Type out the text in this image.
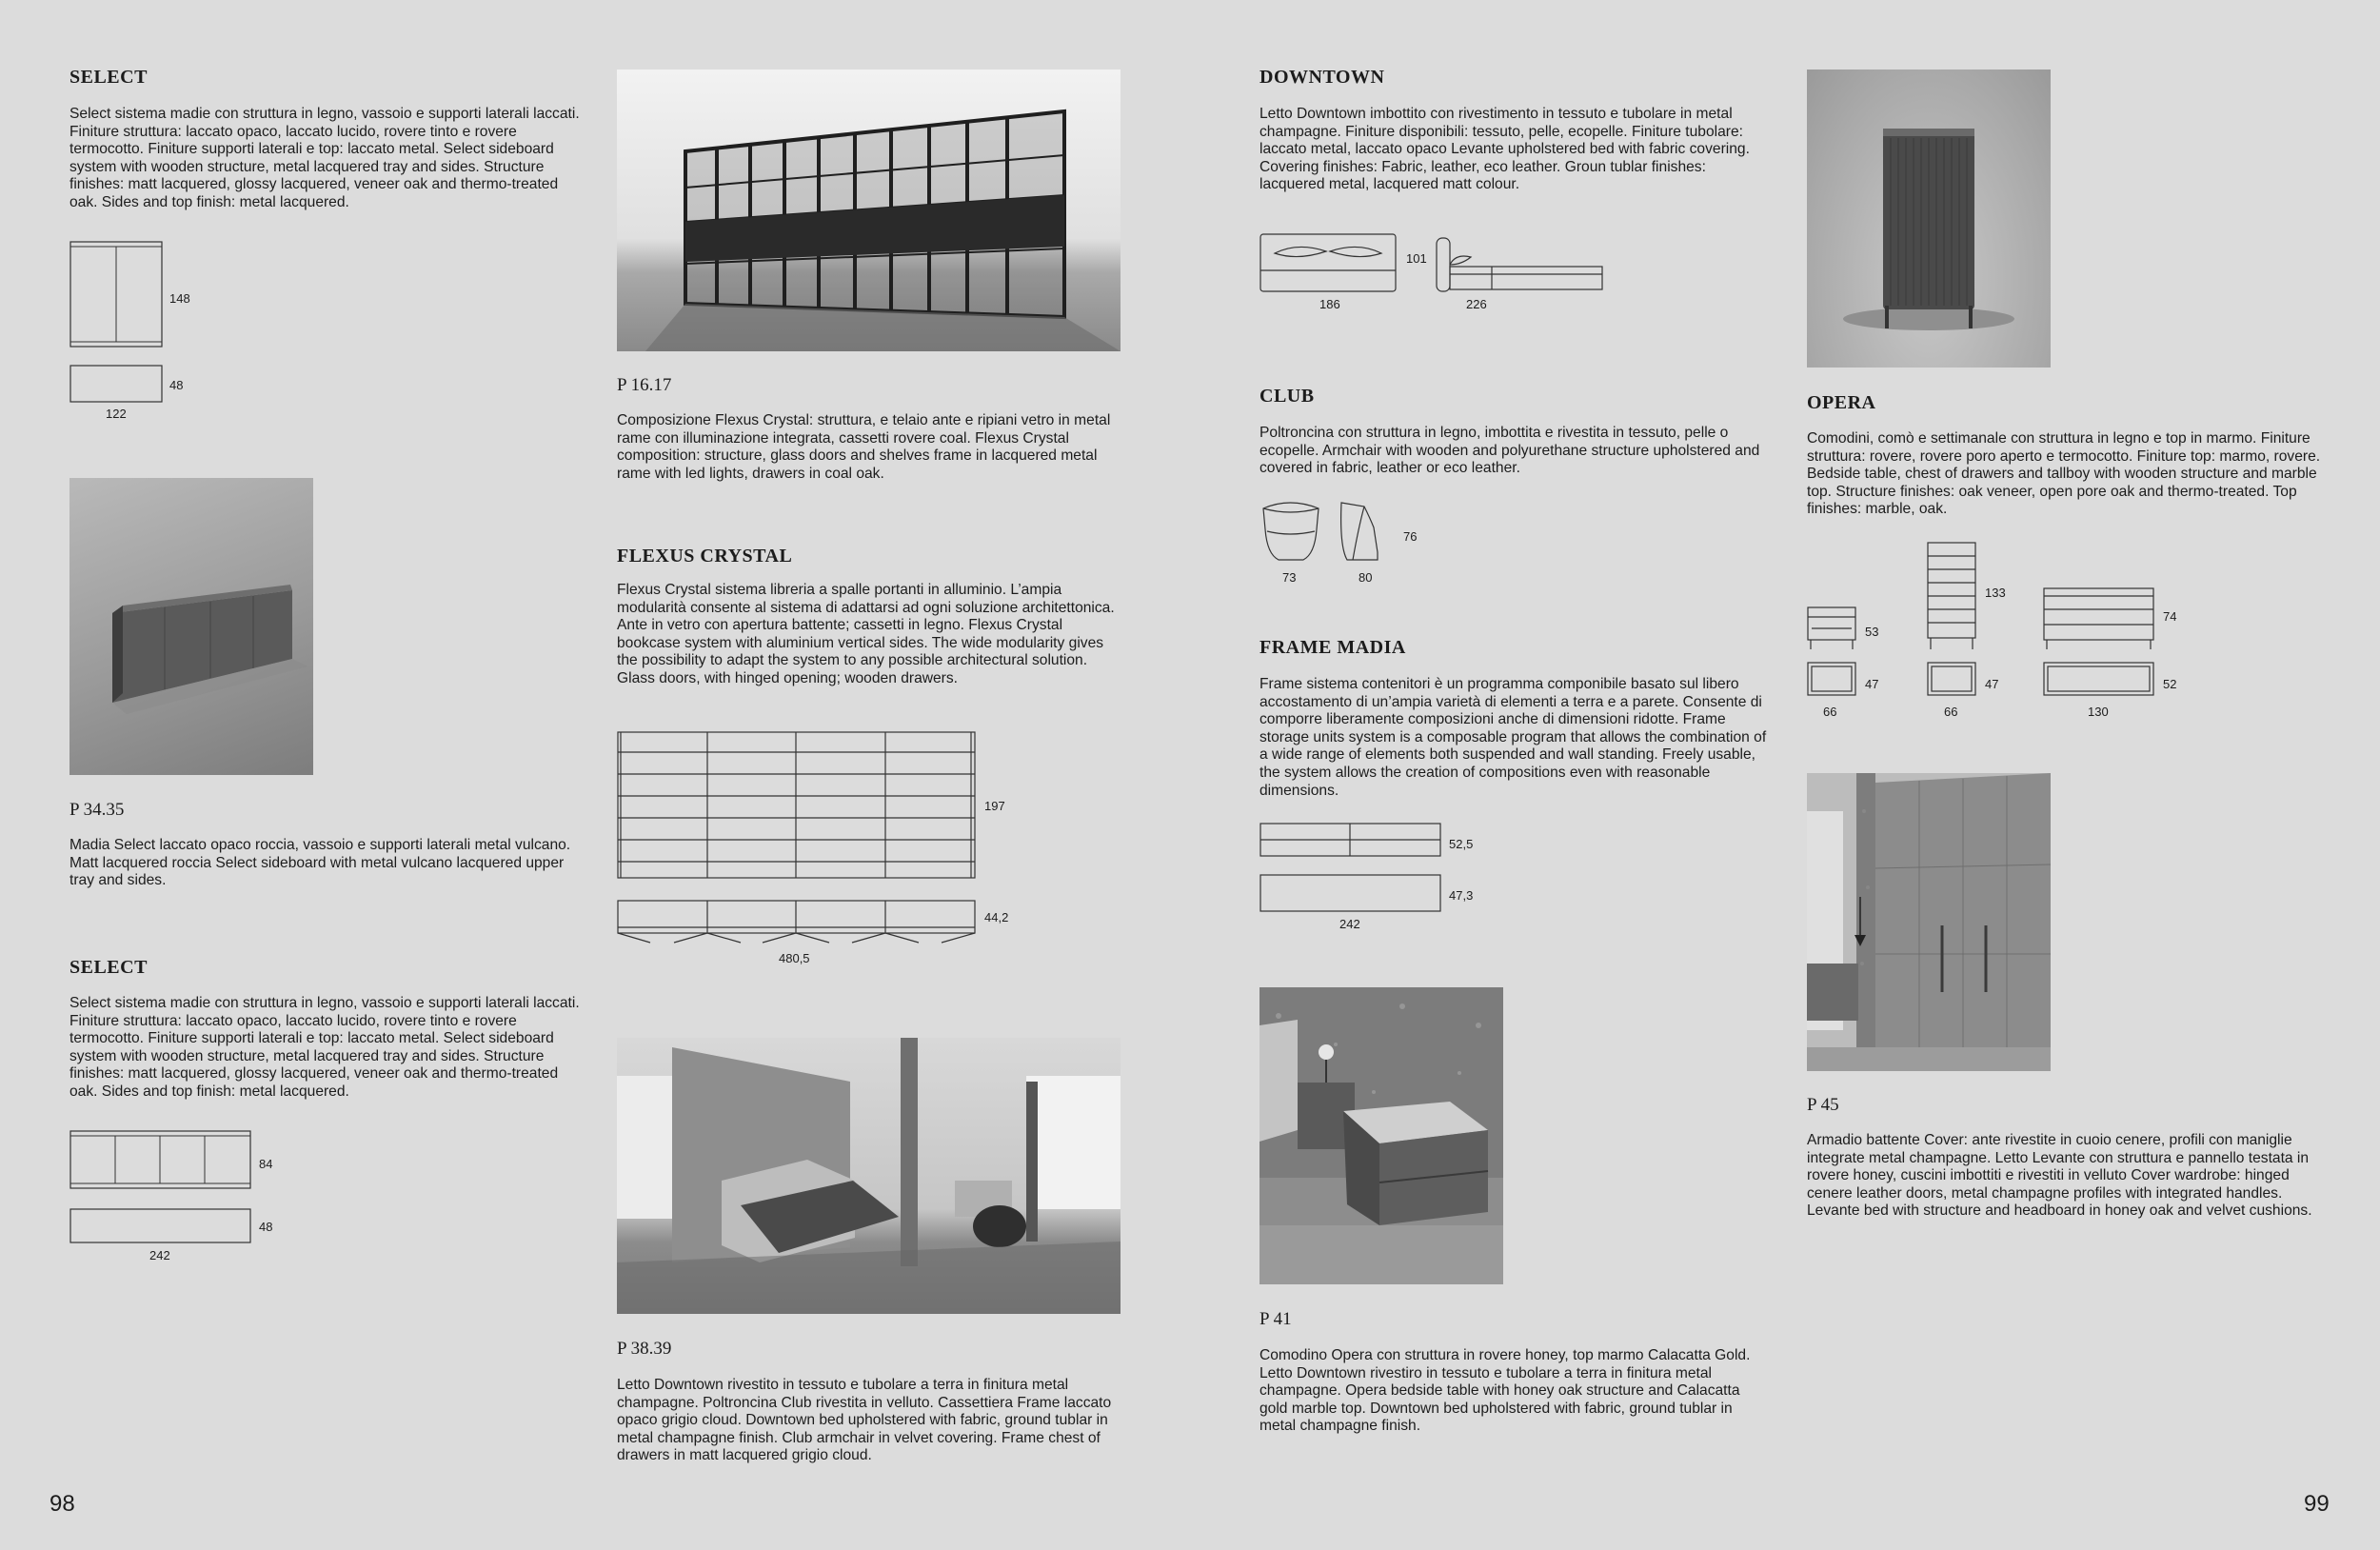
SELECT

Select sistema madie con struttura in legno, vassoio e supporti laterali laccati. Finiture struttura: laccato opaco, laccato lucido, rovere tinto e rovere termocotto. Finiture supporti laterali e top: laccato metal. Select sideboard system with wooden structure, metal lacquered tray and sides. Structure finishes: matt lacquered, glossy lacquered, veneer oak and thermo-treated oak. Sides and top finish: metal lacquered.

148
48
122

P 34.35

Madia Select laccato opaco roccia, vassoio e supporti laterali metal vulcano. Matt lacquered roccia Select sideboard with metal vulcano lacquered upper tray and sides.

SELECT

Select sistema madie con struttura in legno, vassoio e supporti laterali laccati. Finiture struttura: laccato opaco, laccato lucido, rovere tinto e rovere termocotto. Finiture supporti laterali e top: laccato metal. Select sideboard system with wooden structure, metal lacquered tray and sides. Structure finishes: matt lacquered, glossy lacquered, veneer oak and thermo-treated oak. Sides and top finish: metal lacquered.

84
48
242
98

P 16.17

Composizione Flexus Crystal: struttura, e telaio ante e ripiani vetro in metal rame con illuminazione integrata, cassetti rovere coal. Flexus Crystal composition: structure, glass doors and shelves frame in lacquered metal rame with led lights, drawers in coal oak.

FLEXUS CRYSTAL

Flexus Crystal sistema libreria a spalle portanti in alluminio. L’ampia modularità consente al sistema di adattarsi ad ogni soluzione architettonica. Ante in vetro con apertura battente; cassetti in legno. Flexus Crystal bookcase system with aluminium vertical sides. The wide modularity gives the possibility to adapt the system to any possible architectural solution. Glass doors, with hinged opening; wooden drawers.

197
44,2
480,5

P 38.39

Letto Downtown rivestito in tessuto e tubolare a terra in finitura metal champagne. Poltroncina Club rivestita in velluto. Cassettiera Frame laccato opaco grigio cloud. Downtown bed upholstered with fabric, ground tublar in metal champagne finish. Club armchair in velvet covering. Frame chest of drawers in matt lacquered grigio cloud.

DOWNTOWN

Letto Downtown imbottito con rivestimento in tessuto e tubolare in metal champagne. Finiture disponibili: tessuto, pelle, ecopelle. Finiture tubolare: laccato metal, laccato opaco Levante upholstered bed with fabric covering. Covering finishes: Fabric, leather, eco leather. Groun tublar finishes: lacquered metal, lacquered matt colour.

101
186	226
CLUB

Poltroncina con struttura in legno, imbottita e rivestita in tessuto, pelle o ecopelle. Armchair with wooden and polyurethane structure upholstered and covered in fabric, leather or eco leather.

76
73	80
FRAME MADIA

Frame sistema contenitori è un programma componibile basato sul libero accostamento di un’ampia varietà di elementi a terra e a parete. Consente di comporre liberamente composizioni anche di dimensioni ridotte. Frame storage units system is a composable program that allows the combination of a wide range of elements both suspended and wall standing. Freely usable, the system allows the creation of compositions even with reasonable dimensions.

52,5
47,3
242

P 41

Comodino Opera con struttura in rovere honey, top marmo Calacatta Gold. Letto Downtown rivestiro in tessuto e tubolare a terra in finitura metal champagne. Opera bedside table with honey oak structure and Calacatta gold marble top. Downtown bed upholstered with fabric, ground tublar in metal champagne finish.

OPERA

Comodini, comò e settimanale con struttura in legno e top in marmo. Finiture struttura: rovere, rovere poro aperto e termocotto. Finiture top: marmo, rovere. Bedside table, chest of drawers and tallboy with wooden structure and marble top. Structure finishes: oak veneer, open pore oak and thermo-treated. Top finishes: marble, oak.

53
47
66
133
47
66
74
52
130

P 45

Armadio battente Cover: ante rivestite in cuoio cenere, profili con maniglie integrate metal champagne. Letto Levante con struttura e pannello testata in rovere honey, cuscini imbottiti e rivestiti in velluto Cover wardrobe: hinged cenere leather doors, metal champagne profiles with integrated handles. Levante bed with structure and headboard in honey oak and velvet cushions.

99
